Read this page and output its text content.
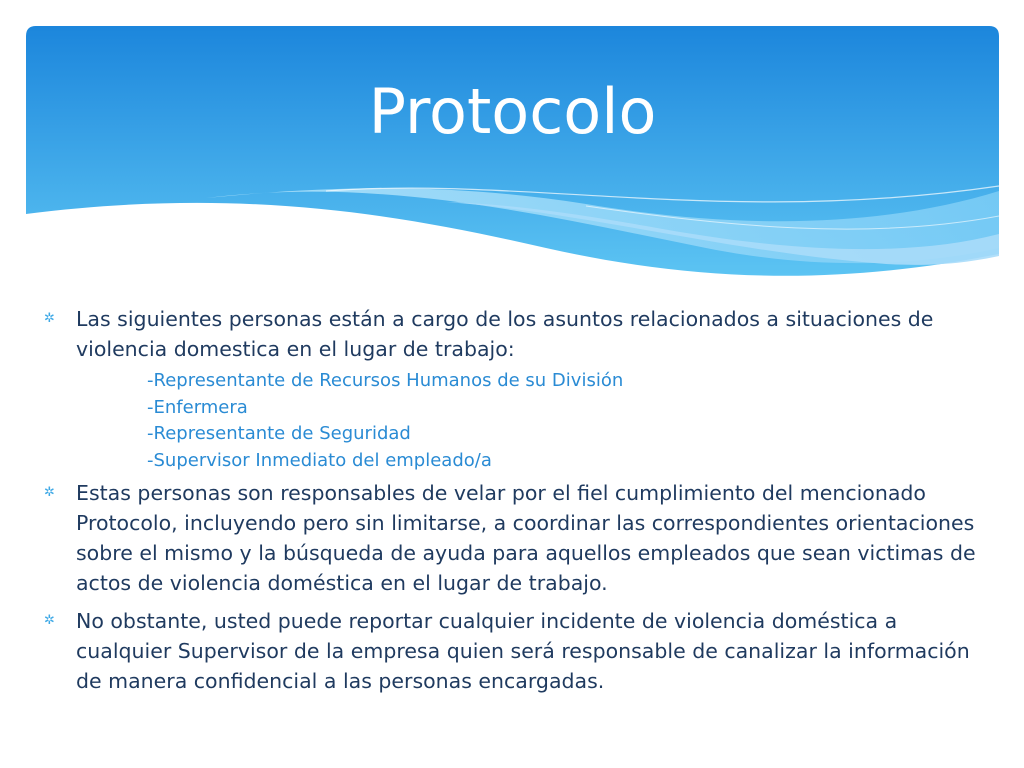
Protocolo

✲ Las siguientes personas están a cargo de los asuntos relacionados a situaciones de violencia domestica en el lugar de trabajo:

-Representante de Recursos Humanos de su División
-Enfermera
-Representante de Seguridad
-Supervisor Inmediato del empleado/a

✲ Estas personas son responsables de velar por el fiel cumplimiento del mencionado Protocolo, incluyendo pero sin limitarse, a coordinar las correspondientes orientaciones sobre el mismo y la búsqueda de ayuda para aquellos empleados que sean victimas de actos de violencia doméstica en el lugar de trabajo.

✲ No obstante, usted puede reportar cualquier incidente de violencia doméstica a cualquier Supervisor de la empresa quien será responsable de canalizar la información de manera confidencial a las personas encargadas.
